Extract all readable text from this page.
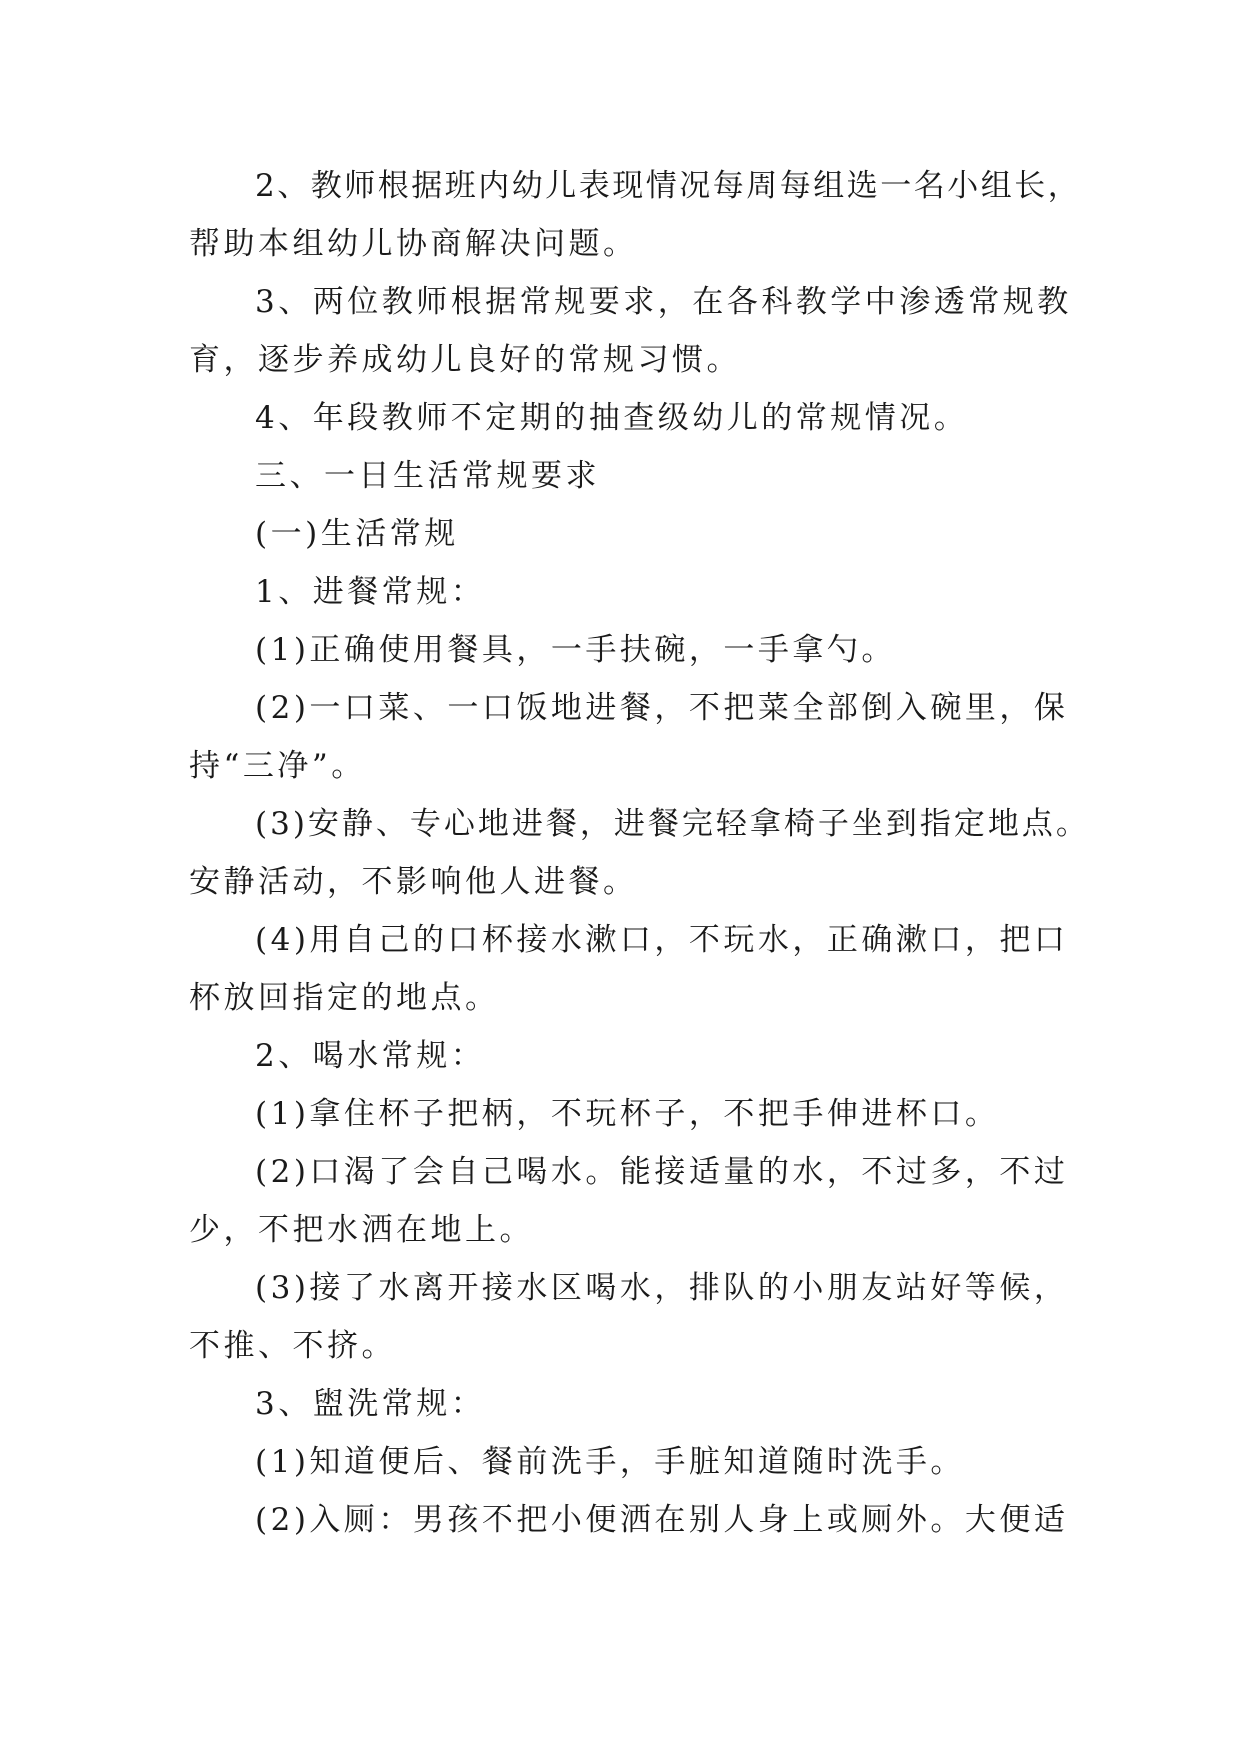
2、教师根据班内幼儿表现情况每周每组选一名小组长，
帮助本组幼儿协商解决问题。
3、两位教师根据常规要求，在各科教学中渗透常规教
育，逐步养成幼儿良好的常规习惯。
4、年段教师不定期的抽查级幼儿的常规情况。
三、一日生活常规要求
(一)生活常规
1、进餐常规：
(1)正确使用餐具，一手扶碗，一手拿勺。
(2)一口菜、一口饭地进餐，不把菜全部倒入碗里，保
持“三净”。
(3)安静、专心地进餐，进餐完轻拿椅子坐到指定地点。
安静活动，不影响他人进餐。
(4)用自己的口杯接水漱口，不玩水，正确漱口，把口
杯放回指定的地点。
2、喝水常规：
(1)拿住杯子把柄，不玩杯子，不把手伸进杯口。
(2)口渴了会自己喝水。能接适量的水，不过多，不过
少，不把水洒在地上。
(3)接了水离开接水区喝水，排队的小朋友站好等候，
不推、不挤。
3、盥洗常规：
(1)知道便后、餐前洗手，手脏知道随时洗手。
(2)入厕：男孩不把小便洒在别人身上或厕外。大便适
